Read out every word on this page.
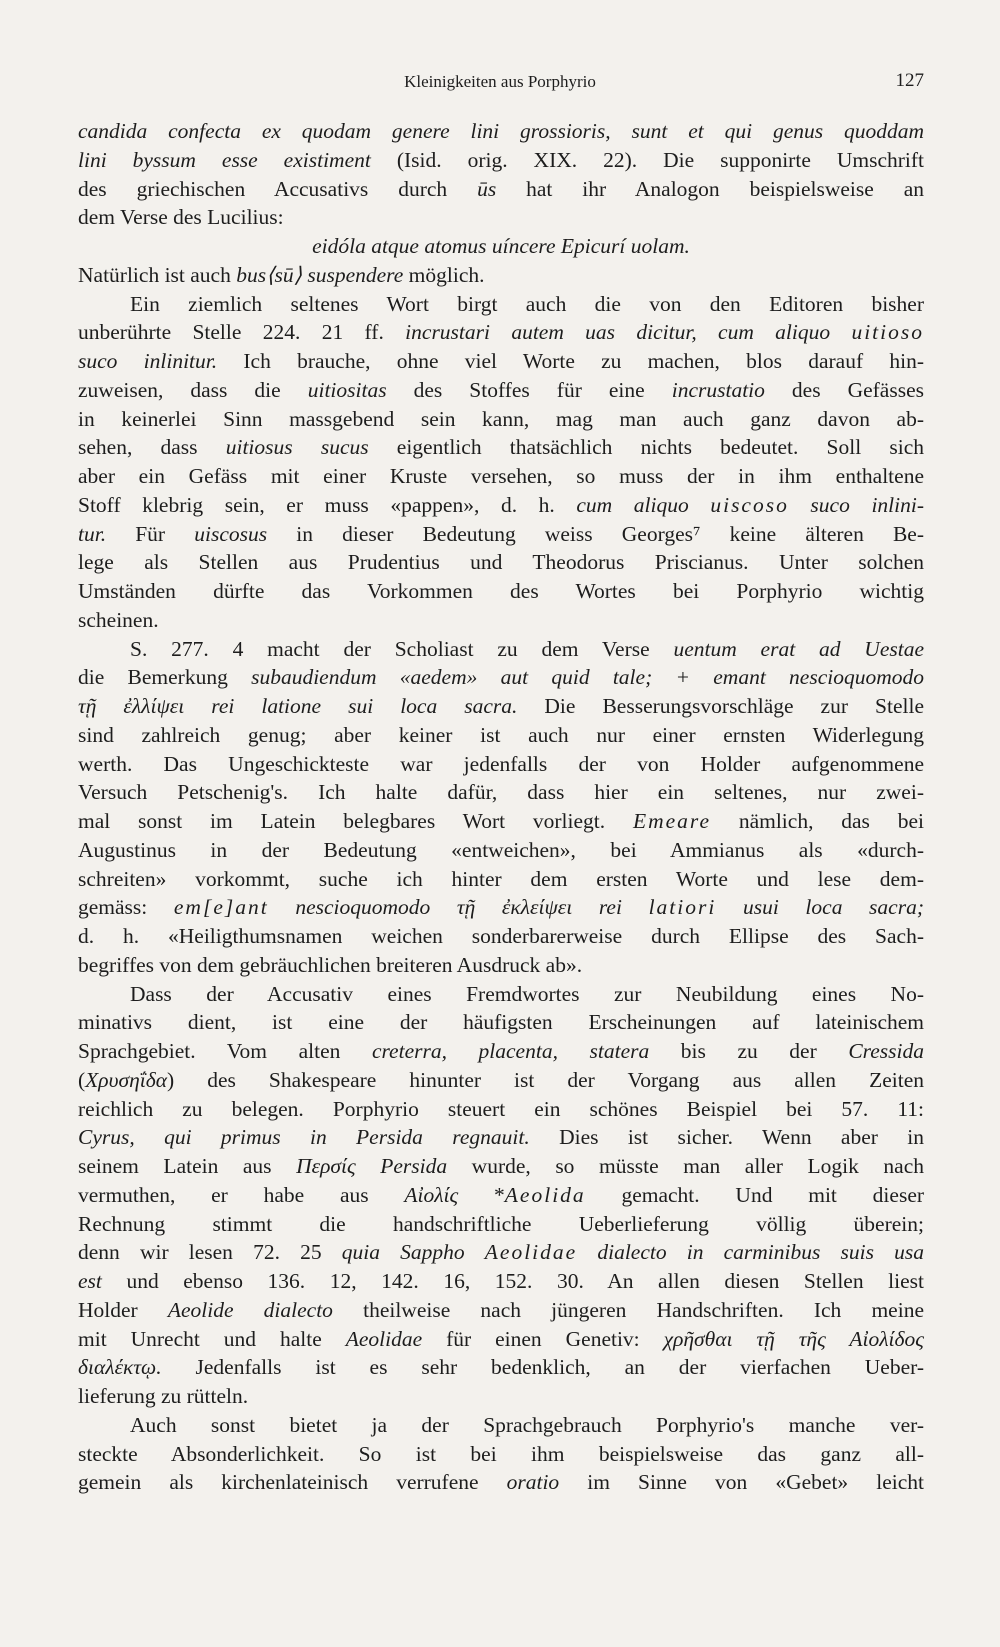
Kleinigkeiten aus Porphyrio	127
candida confecta ex quodam genere lini grossioris, sunt et qui genus quoddam
lini byssum esse existiment (Isid. orig. XIX. 22). Die supponirte Umschrift
des griechischen Accusativs durch ūs hat ihr Analogon beispielsweise an
dem Verse des Lucilius:
eidóla atque atomus uíncere Epicurí uolam.
Natürlich ist auch bus⟨sū⟩ suspendere möglich.
Ein ziemlich seltenes Wort birgt auch die von den Editoren bisher
unberührte Stelle 224. 21 ff. incrustari autem uas dicitur, cum aliquo uitioso
suco inlinitur. Ich brauche, ohne viel Worte zu machen, blos darauf hin-
zuweisen, dass die uitiositas des Stoffes für eine incrustatio des Gefässes
in keinerlei Sinn massgebend sein kann, mag man auch ganz davon ab-
sehen, dass uitiosus sucus eigentlich thatsächlich nichts bedeutet. Soll sich
aber ein Gefäss mit einer Kruste versehen, so muss der in ihm enthaltene
Stoff klebrig sein, er muss «pappen», d. h. cum aliquo uiscoso suco inlini-
tur. Für uiscosus in dieser Bedeutung weiss Georges⁷ keine älteren Be-
lege als Stellen aus Prudentius und Theodorus Priscianus. Unter solchen
Umständen dürfte das Vorkommen des Wortes bei Porphyrio wichtig
scheinen.
S. 277. 4 macht der Scholiast zu dem Verse uentum erat ad Uestae
die Bemerkung subaudiendum «aedem» aut quid tale; + emant nescioquomodo
τῇ ἐλλίψει rei latione sui loca sacra. Die Besserungsvorschläge zur Stelle
sind zahlreich genug; aber keiner ist auch nur einer ernsten Widerlegung
werth. Das Ungeschickteste war jedenfalls der von Holder aufgenommene
Versuch Petschenig's. Ich halte dafür, dass hier ein seltenes, nur zwei-
mal sonst im Latein belegbares Wort vorliegt. Emeare nämlich, das bei
Augustinus in der Bedeutung «entweichen», bei Ammianus als «durch-
schreiten» vorkommt, suche ich hinter dem ersten Worte und lese dem-
gemäss: em[e]ant nescioquomodo τῇ ἐκλείψει rei latiori usui loca sacra;
d. h. «Heiligthumsnamen weichen sonderbarerweise durch Ellipse des Sach-
begriffes von dem gebräuchlichen breiteren Ausdruck ab».
Dass der Accusativ eines Fremdwortes zur Neubildung eines No-
minativs dient, ist eine der häufigsten Erscheinungen auf lateinischem
Sprachgebiet. Vom alten creterra, placenta, statera bis zu der Cressida
(Χρυσηΐδα) des Shakespeare hinunter ist der Vorgang aus allen Zeiten
reichlich zu belegen. Porphyrio steuert ein schönes Beispiel bei 57. 11:
Cyrus, qui primus in Persida regnauit. Dies ist sicher. Wenn aber in
seinem Latein aus Περσίς Persida wurde, so müsste man aller Logik nach
vermuthen, er habe aus Αἰολίς *Aeolida gemacht. Und mit dieser
Rechnung stimmt die handschriftliche Ueberlieferung völlig überein;
denn wir lesen 72. 25 quia Sappho Aeolidae dialecto in carminibus suis usa
est und ebenso 136. 12, 142. 16, 152. 30. An allen diesen Stellen liest
Holder Aeolide dialecto theilweise nach jüngeren Handschriften. Ich meine
mit Unrecht und halte Aeolidae für einen Genetiv: χρῆσθαι τῇ τῆς Αἰολίδος
διαλέκτῳ. Jedenfalls ist es sehr bedenklich, an der vierfachen Ueber-
lieferung zu rütteln.
Auch sonst bietet ja der Sprachgebrauch Porphyrio's manche ver-
steckte Absonderlichkeit. So ist bei ihm beispielsweise das ganz all-
gemein als kirchenlateinisch verrufene oratio im Sinne von «Gebet» leicht
